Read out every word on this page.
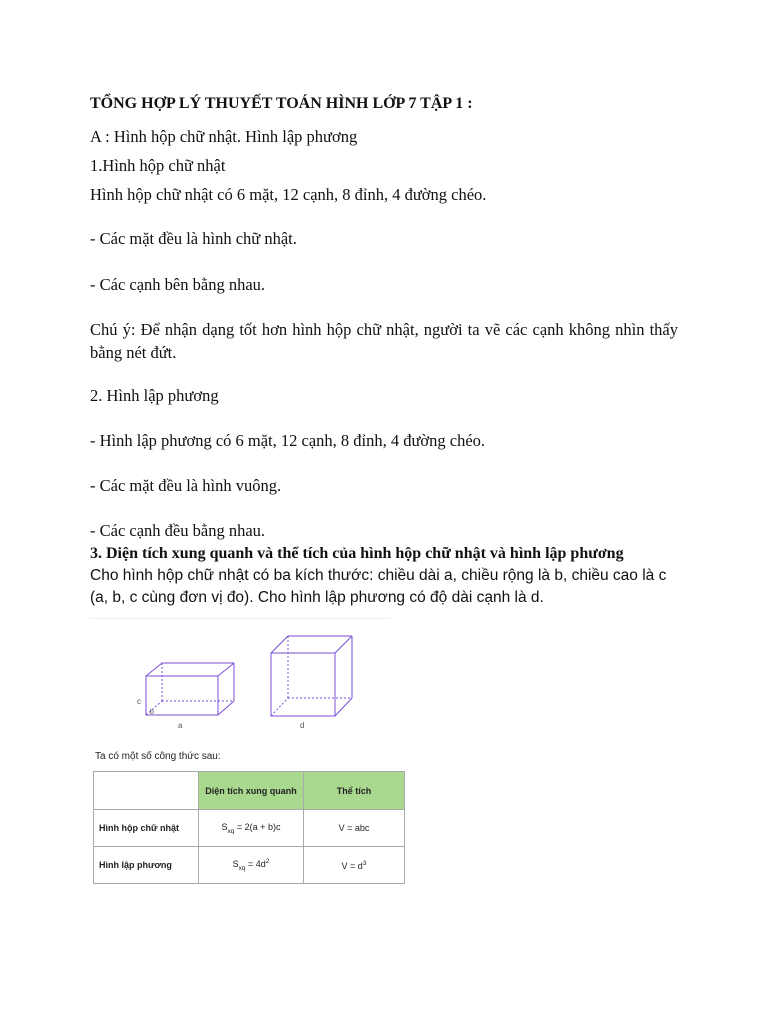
TỔNG HỢP LÝ THUYẾT TOÁN HÌNH LỚP 7 TẬP 1 :

A : Hình hộp chữ nhật. Hình lập phương

1.Hình hộp chữ nhật

Hình hộp chữ nhật có 6 mặt, 12 cạnh, 8 đỉnh, 4 đường chéo.

- Các mặt đều là hình chữ nhật.

- Các cạnh bên bằng nhau.

Chú ý: Để nhận dạng tốt hơn hình hộp chữ nhật, người ta vẽ các cạnh không nhìn thấy bằng nét đứt.

2. Hình lập phương

- Hình lập phương có 6 mặt, 12 cạnh, 8 đỉnh, 4 đường chéo.

- Các mặt đều là hình vuông.

- Các cạnh đều bằng nhau.

3. Diện tích xung quanh và thể tích của hình hộp chữ nhật và hình lập phương

Cho hình hộp chữ nhật có ba kích thước: chiều dài a, chiều rộng là b, chiều cao là c (a, b, c cùng đơn vị đo). Cho hình lập phương có độ dài cạnh là d.

c
b
a	d
Ta có một số công thức sau:
	Diện tích xung quanh	Thể tích
Hình hộp chữ nhật	$S_{xq} = 2(a + b)c$	V = abc
Hình lập phương	$S_{xq} = 4d^2$	$V = d^3$
